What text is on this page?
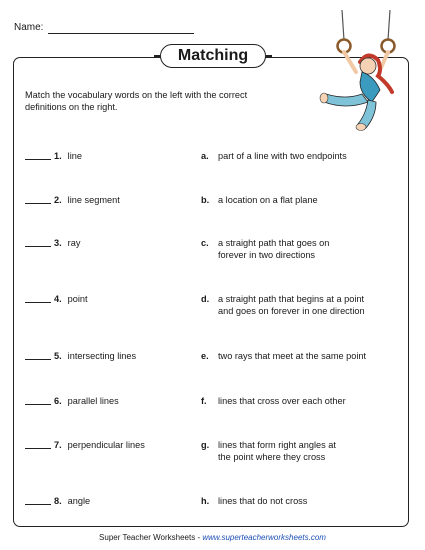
Name:
Matching
Match the vocabulary words on the left with the correct definitions on the right.
1. line	a. part of a line with two endpoints
2. line segment	b. a location on a flat plane
3. ray	c. a straight path that goes on
forever in two directions
4. point	d. a straight path that begins at a point
and goes on forever in one direction
5. intersecting lines	e. two rays that meet at the same point
6. parallel lines	f. lines that cross over each other
7. perpendicular lines	g. lines that form right angles at
the point where they cross
8. angle	h. lines that do not cross
Super Teacher Worksheets - www.superteacherworksheets.com
